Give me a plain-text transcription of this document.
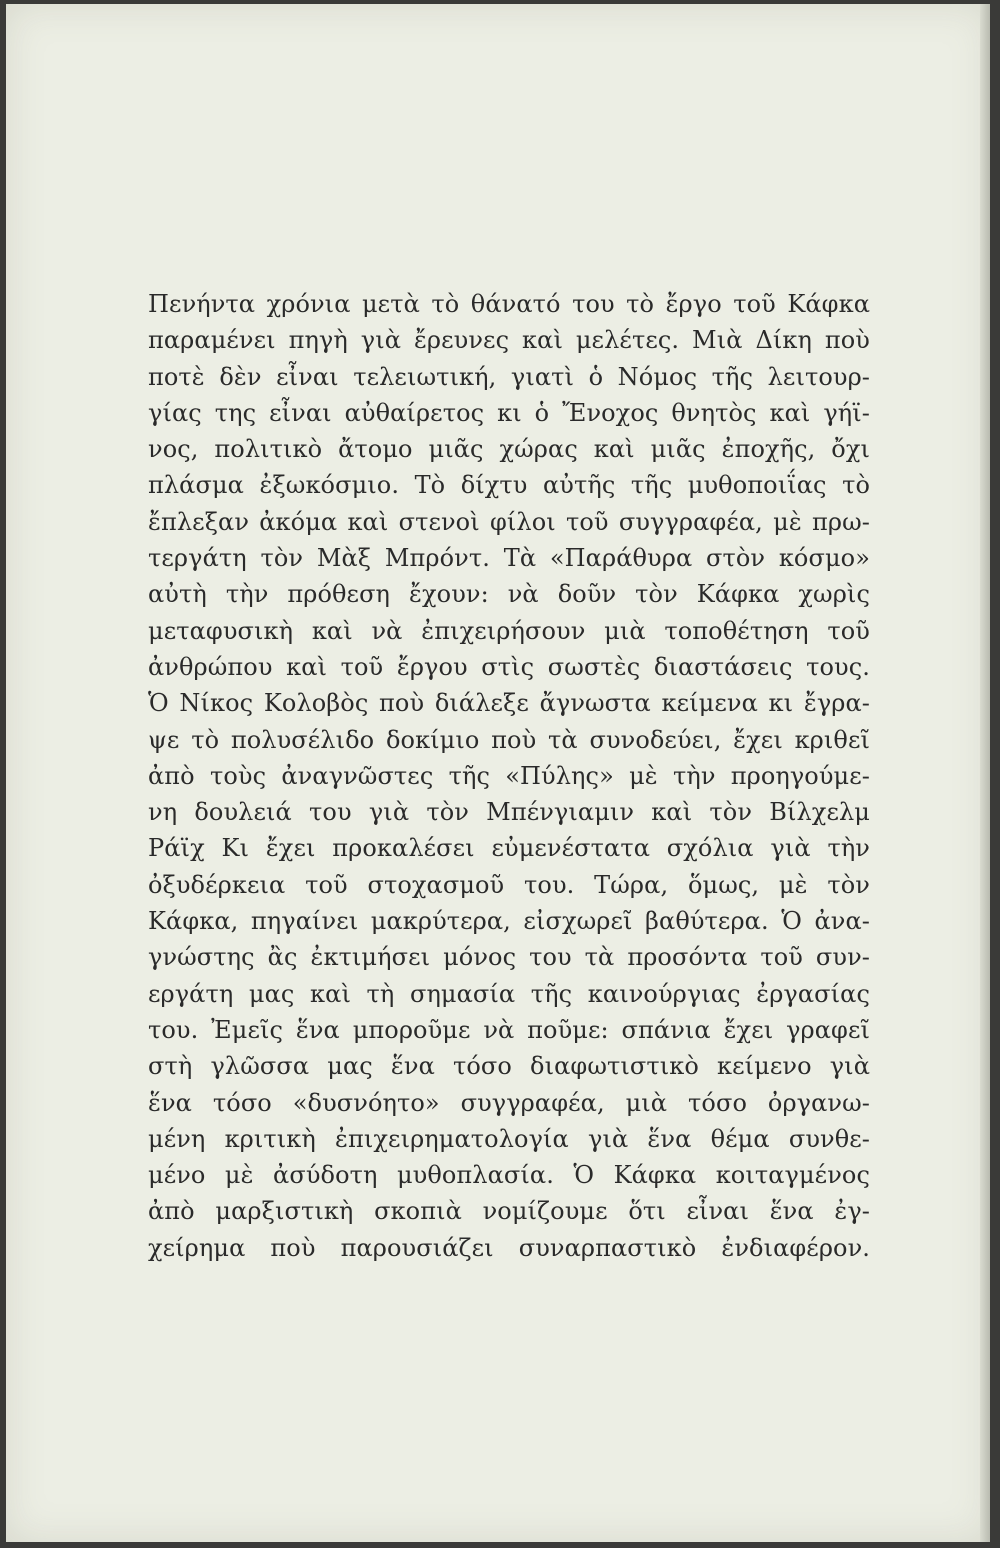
Πενήντα χρόνια μετὰ τὸ θάνατό του τὸ ἔργο τοῦ Κάφκα
παραμένει πηγὴ γιὰ ἔρευνες καὶ μελέτες. Μιὰ Δίκη ποὺ
ποτὲ δὲν εἶναι τελειωτική, γιατὶ ὁ Νόμος τῆς λειτουρ-
γίας της εἶναι αὐθαίρετος κι ὁ Ἔνοχος θνητὸς καὶ γήϊ-
νος, πολιτικὸ ἄτομο μιᾶς χώρας καὶ μιᾶς ἐποχῆς, ὄχι
πλάσμα ἐξωκόσμιο. Τὸ δίχτυ αὐτῆς τῆς μυθοποιΐας τὸ
ἔπλεξαν ἀκόμα καὶ στενοὶ φίλοι τοῦ συγγραφέα, μὲ πρω-
τεργάτη τὸν Μὰξ Μπρόντ. Τὰ «Παράθυρα στὸν κόσμο»
αὐτὴ τὴν πρόθεση ἔχουν: νὰ δοῦν τὸν Κάφκα χωρὶς
μεταφυσικὴ καὶ νὰ ἐπιχειρήσουν μιὰ τοποθέτηση τοῦ
ἀνθρώπου καὶ τοῦ ἔργου στὶς σωστὲς διαστάσεις τους.
Ὁ Νίκος Κολοβὸς ποὺ διάλεξε ἄγνωστα κείμενα κι ἔγρα-
ψε τὸ πολυσέλιδο δοκίμιο ποὺ τὰ συνοδεύει, ἔχει κριθεῖ
ἀπὸ τοὺς ἀναγνῶστες τῆς «Πύλης» μὲ τὴν προηγούμε-
νη δουλειά του γιὰ τὸν Μπένγιαμιν καὶ τὸν Βίλχελμ
Ράϊχ Κι ἔχει προκαλέσει εὐμενέστατα σχόλια γιὰ τὴν
ὀξυδέρκεια τοῦ στοχασμοῦ του. Τώρα, ὅμως, μὲ τὸν
Κάφκα, πηγαίνει μακρύτερα, εἰσχωρεῖ βαθύτερα. Ὁ ἀνα-
γνώστης ἂς ἐκτιμήσει μόνος του τὰ προσόντα τοῦ συν-
εργάτη μας καὶ τὴ σημασία τῆς καινούργιας ἐργασίας
του. Ἐμεῖς ἕνα μποροῦμε νὰ ποῦμε: σπάνια ἔχει γραφεῖ
στὴ γλῶσσα μας ἕνα τόσο διαφωτιστικὸ κείμενο γιὰ
ἕνα τόσο «δυσνόητο» συγγραφέα, μιὰ τόσο ὀργανω-
μένη κριτικὴ ἐπιχειρηματολογία γιὰ ἕνα θέμα συνθε-
μένο μὲ ἀσύδοτη μυθοπλασία. Ὁ Κάφκα κοιταγμένος
ἀπὸ μαρξιστικὴ σκοπιὰ νομίζουμε ὅτι εἶναι ἕνα ἐγ-
χείρημα ποὺ παρουσιάζει συναρπαστικὸ ἐνδιαφέρον.
